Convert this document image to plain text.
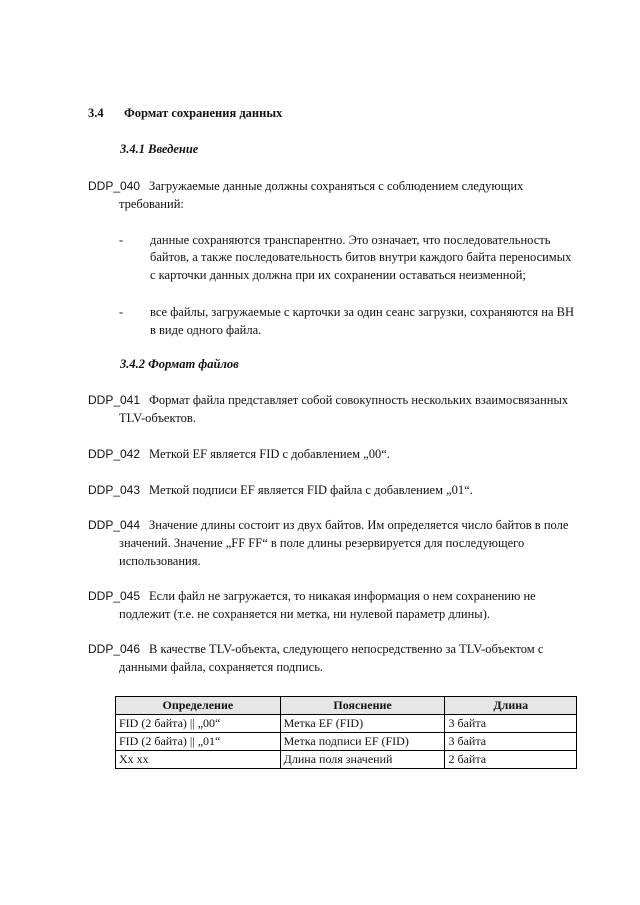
3.4 Формат сохранения данных
3.4.1 Введение
DDP_040 Загружаемые данные должны сохраняться с соблюдением следующих
требований:
- данные сохраняются транспарентно. Это означает, что последовательность
байтов, а также последовательность битов внутри каждого байта переносимых
с карточки данных должна при их сохранении оставаться неизменной;
- все файлы, загружаемые с карточки за один сеанс загрузки, сохраняются на ВН
в виде одного файла.
3.4.2 Формат файлов
DDP_041 Формат файла представляет собой совокупность нескольких взаимосвязанных
TLV-объектов.
DDP_042 Меткой EF является FID с добавлением „00“.
DDP_043 Меткой подписи EF является FID файла с добавлением „01“.
DDP_044 Значение длины состоит из двух байтов. Им определяется число байтов в поле
значений. Значение „FF FF“ в поле длины резервируется для последующего
использования.
DDP_045 Если файл не загружается, то никакая информация о нем сохранению не
подлежит (т.е. не сохраняется ни метка, ни нулевой параметр длины).
DDP_046 В качестве TLV-объекта, следующего непосредственно за TLV-объектом с
данными файла, сохраняется подпись.
Определение	Пояснение	Длина
FID (2 байта) || „00“	Метка EF (FID)	3 байта
FID (2 байта) || „01“	Метка подписи EF (FID)	3 байта
Xx xx	Длина поля значений	2 байта
